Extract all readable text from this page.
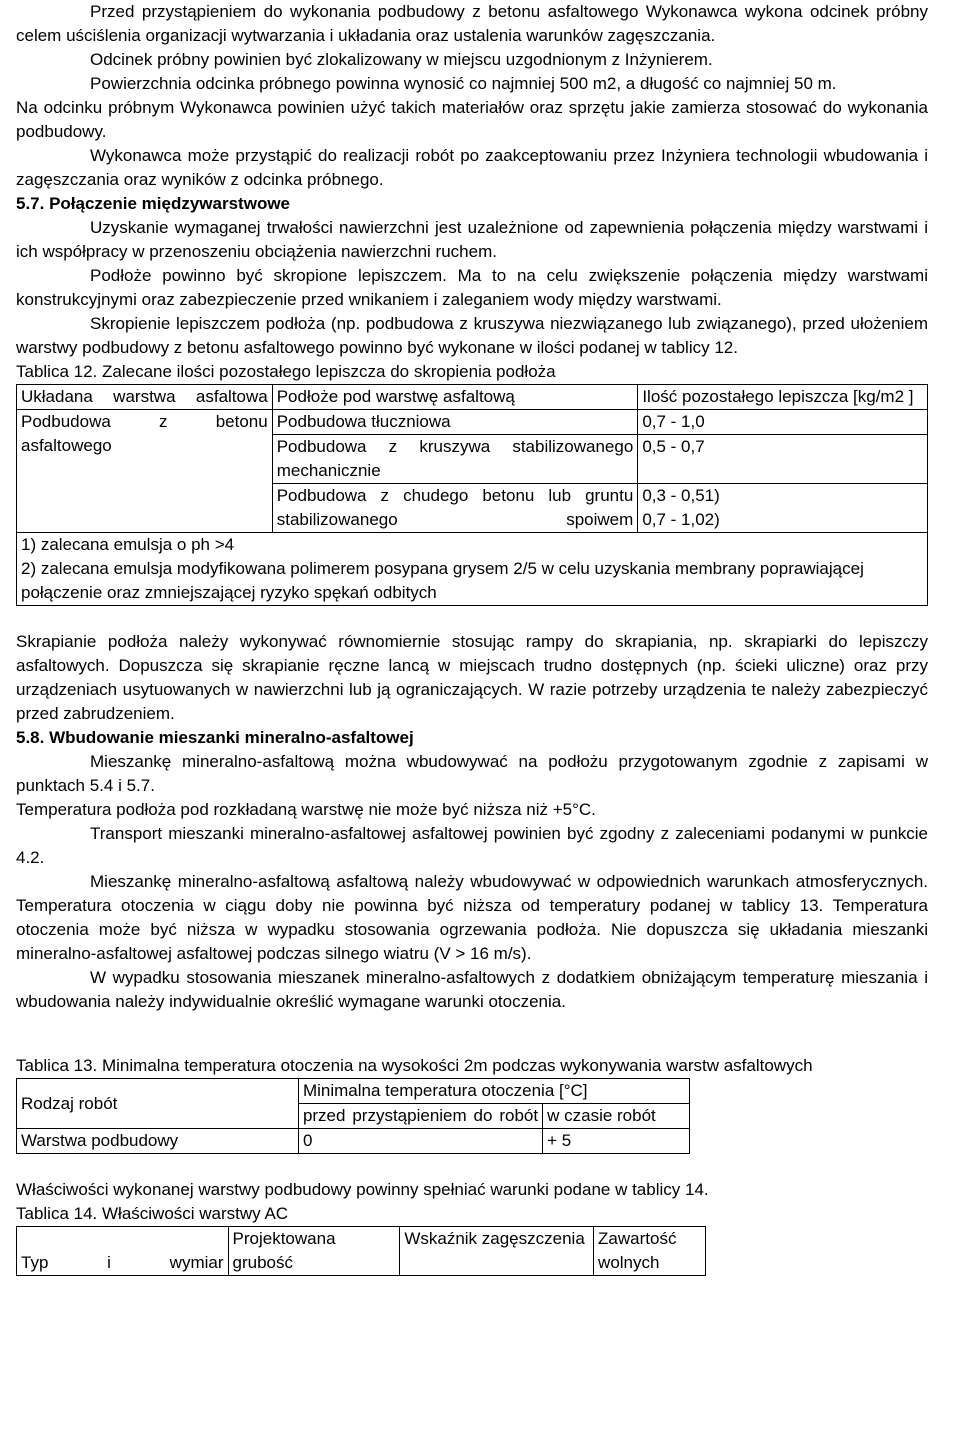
Przed przystąpieniem do wykonania podbudowy z betonu asfaltowego Wykonawca wykona odcinek próbny celem uściślenia organizacji wytwarzania i układania oraz ustalenia warunków zagęszczania.

Odcinek próbny powinien być zlokalizowany w miejscu uzgodnionym z Inżynierem.

Powierzchnia odcinka próbnego powinna wynosić co najmniej 500 m2, a długość co najmniej 50 m.

Na odcinku próbnym Wykonawca powinien użyć takich materiałów oraz sprzętu jakie zamierza stosować do wykonania podbudowy.

Wykonawca może przystąpić do realizacji robót po zaakceptowaniu przez Inżyniera technologii wbudowania i zagęszczania oraz wyników z odcinka próbnego.

5.7. Połączenie międzywarstwowe

Uzyskanie wymaganej trwałości nawierzchni jest uzależnione od zapewnienia połączenia między warstwami i ich współpracy w przenoszeniu obciążenia nawierzchni ruchem.

Podłoże powinno być skropione lepiszczem. Ma to na celu zwiększenie połączenia między warstwami konstrukcyjnymi oraz zabezpieczenie przed wnikaniem i zaleganiem wody między warstwami.

Skropienie lepiszczem podłoża (np. podbudowa z kruszywa niezwiązanego lub związanego), przed ułożeniem warstwy podbudowy z betonu asfaltowego powinno być wykonane w ilości podanej w tablicy 12.

Tablica 12. Zalecane ilości pozostałego lepiszcza do skropienia podłoża

Układana warstwa asfaltowa	Podłoże pod warstwę asfaltową	Ilość pozostałego lepiszcza [kg/m2 ]
Podbudowa z betonu asfaltowego	Podbudowa tłuczniowa	0,7 - 1,0
	Podbudowa z kruszywa stabilizowanego mechanicznie	0,5 - 0,7
	Podbudowa z chudego betonu lub gruntu stabilizowanego spoiwem	0,3 - 0,51)
0,7 - 1,02)

1) zalecana emulsja o ph >4
2) zalecana emulsja modyfikowana polimerem posypana grysem 2/5 w celu uzyskania membrany poprawiającej połączenie oraz zmniejszającej ryzyko spękań odbitych		

Skrapianie podłoża należy wykonywać równomiernie stosując rampy do skrapiania, np. skrapiarki do lepiszczy asfaltowych. Dopuszcza się skrapianie ręczne lancą w miejscach trudno dostępnych (np. ścieki uliczne) oraz przy urządzeniach usytuowanych w nawierzchni lub ją ograniczających. W razie potrzeby urządzenia te należy zabezpieczyć przed zabrudzeniem.

5.8. Wbudowanie mieszanki mineralno-asfaltowej

Mieszankę mineralno-asfaltową można wbudowywać na podłożu przygotowanym zgodnie z zapisami w punktach 5.4 i 5.7.

Temperatura podłoża pod rozkładaną warstwę nie może być niższa niż +5°C.

Transport mieszanki mineralno-asfaltowej asfaltowej powinien być zgodny z zaleceniami podanymi w punkcie 4.2.

Mieszankę mineralno-asfaltową asfaltową należy wbudowywać w odpowiednich warunkach atmosferycznych. Temperatura otoczenia w ciągu doby nie powinna być niższa od temperatury podanej w tablicy 13. Temperatura otoczenia może być niższa w wypadku stosowania ogrzewania podłoża. Nie dopuszcza się układania mieszanki mineralno-asfaltowej asfaltowej podczas silnego wiatru (V > 16 m/s).

W wypadku stosowania mieszanek mineralno-asfaltowych z dodatkiem obniżającym temperaturę mieszania i wbudowania należy indywidualnie określić wymagane warunki otoczenia.

Tablica 13. Minimalna temperatura otoczenia na wysokości 2m podczas wykonywania warstw asfaltowych

Rodzaj robót	Minimalna temperatura otoczenia [°C]	
	przed przystąpieniem do robót	w czasie robót
Warstwa podbudowy	0	+ 5

Właściwości wykonanej warstwy podbudowy powinny spełniać warunki podane w tablicy 14.

Tablica 14. Właściwości warstwy AC

Typ i wymiar	Projektowana grubość	Wskaźnik zagęszczenia	Zawartość wolnych
